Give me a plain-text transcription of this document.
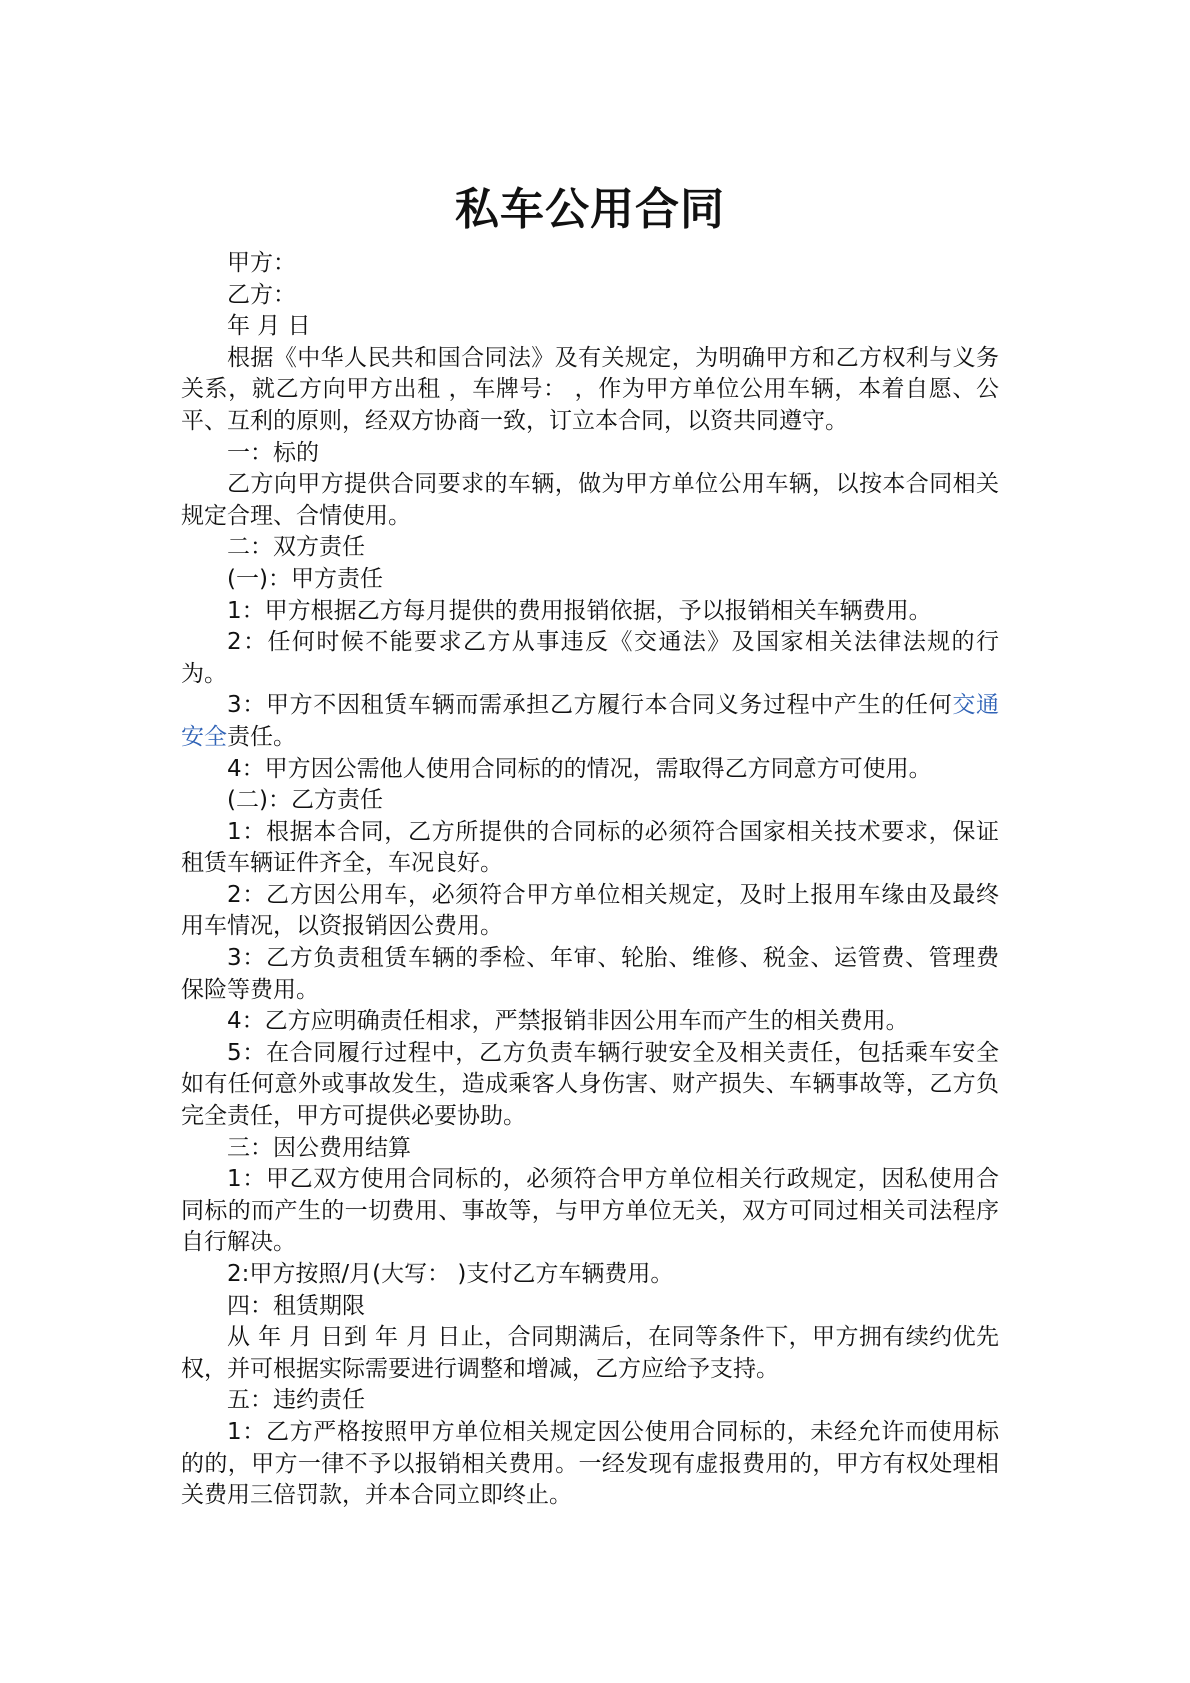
私车公用合同

甲方：

乙方：

年 月 日

根据《中华人民共和国合同法》及有关规定，为明确甲方和乙方权利与义务关系，就乙方向甲方出租 ，车牌号： ，作为甲方单位公用车辆，本着自愿、公平、互利的原则，经双方协商一致，订立本合同，以资共同遵守。

一：标的

乙方向甲方提供合同要求的车辆，做为甲方单位公用车辆，以按本合同相关规定合理、合情使用。

二：双方责任

(一)：甲方责任

1：甲方根据乙方每月提供的费用报销依据，予以报销相关车辆费用。

2：任何时候不能要求乙方从事违反《交通法》及国家相关法律法规的行为。

3：甲方不因租赁车辆而需承担乙方履行本合同义务过程中产生的任何交通安全责任。

4：甲方因公需他人使用合同标的的情况，需取得乙方同意方可使用。

(二)：乙方责任

1：根据本合同，乙方所提供的合同标的必须符合国家相关技术要求，保证租赁车辆证件齐全，车况良好。

2：乙方因公用车，必须符合甲方单位相关规定，及时上报用车缘由及最终用车情况，以资报销因公费用。

3：乙方负责租赁车辆的季检、年审、轮胎、维修、税金、运管费、管理费保险等费用。

4：乙方应明确责任相求，严禁报销非因公用车而产生的相关费用。

5：在合同履行过程中，乙方负责车辆行驶安全及相关责任，包括乘车安全如有任何意外或事故发生，造成乘客人身伤害、财产损失、车辆事故等，乙方负完全责任，甲方可提供必要协助。

三：因公费用结算

1：甲乙双方使用合同标的，必须符合甲方单位相关行政规定，因私使用合同标的而产生的一切费用、事故等，与甲方单位无关，双方可同过相关司法程序自行解决。

2:甲方按照/月(大写： )支付乙方车辆费用。

四：租赁期限

从 年 月 日到 年 月 日止，合同期满后，在同等条件下，甲方拥有续约优先权，并可根据实际需要进行调整和增减，乙方应给予支持。

五：违约责任

1：乙方严格按照甲方单位相关规定因公使用合同标的，未经允许而使用标的的，甲方一律不予以报销相关费用。一经发现有虚报费用的，甲方有权处理相关费用三倍罚款，并本合同立即终止。
